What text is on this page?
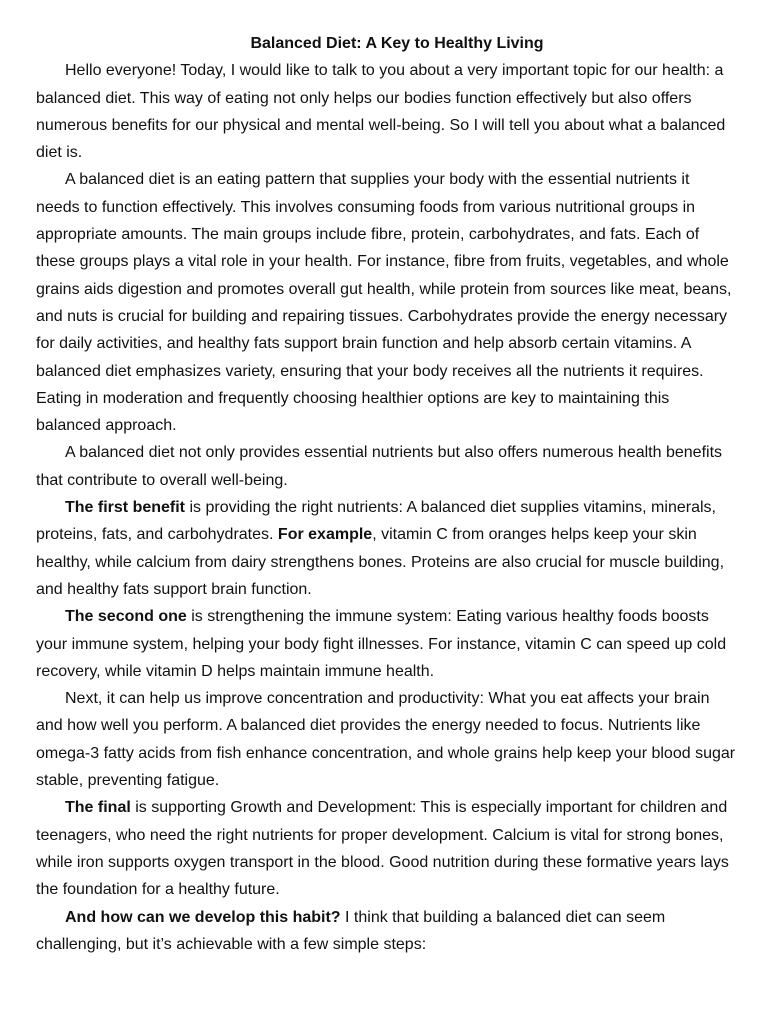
Balanced Diet: A Key to Healthy Living

Hello everyone! Today, I would like to talk to you about a very important topic for our health: a balanced diet. This way of eating not only helps our bodies function effectively but also offers numerous benefits for our physical and mental well-being. So I will tell you about what a balanced diet is.

A balanced diet is an eating pattern that supplies your body with the essential nutrients it needs to function effectively. This involves consuming foods from various nutritional groups in appropriate amounts. The main groups include fibre, protein, carbohydrates, and fats. Each of these groups plays a vital role in your health. For instance, fibre from fruits, vegetables, and whole grains aids digestion and promotes overall gut health, while protein from sources like meat, beans, and nuts is crucial for building and repairing tissues. Carbohydrates provide the energy necessary for daily activities, and healthy fats support brain function and help absorb certain vitamins. A balanced diet emphasizes variety, ensuring that your body receives all the nutrients it requires. Eating in moderation and frequently choosing healthier options are key to maintaining this balanced approach.

A balanced diet not only provides essential nutrients but also offers numerous health benefits that contribute to overall well-being.

The first benefit is providing the right nutrients: A balanced diet supplies vitamins, minerals, proteins, fats, and carbohydrates. For example, vitamin C from oranges helps keep your skin healthy, while calcium from dairy strengthens bones. Proteins are also crucial for muscle building, and healthy fats support brain function.

The second one is strengthening the immune system: Eating various healthy foods boosts your immune system, helping your body fight illnesses. For instance, vitamin C can speed up cold recovery, while vitamin D helps maintain immune health.

Next, it can help us improve concentration and productivity: What you eat affects your brain and how well you perform. A balanced diet provides the energy needed to focus. Nutrients like omega-3 fatty acids from fish enhance concentration, and whole grains help keep your blood sugar stable, preventing fatigue.

The final is supporting Growth and Development: This is especially important for children and teenagers, who need the right nutrients for proper development. Calcium is vital for strong bones, while iron supports oxygen transport in the blood. Good nutrition during these formative years lays the foundation for a healthy future.

And how can we develop this habit? I think that building a balanced diet can seem challenging, but it’s achievable with a few simple steps:
